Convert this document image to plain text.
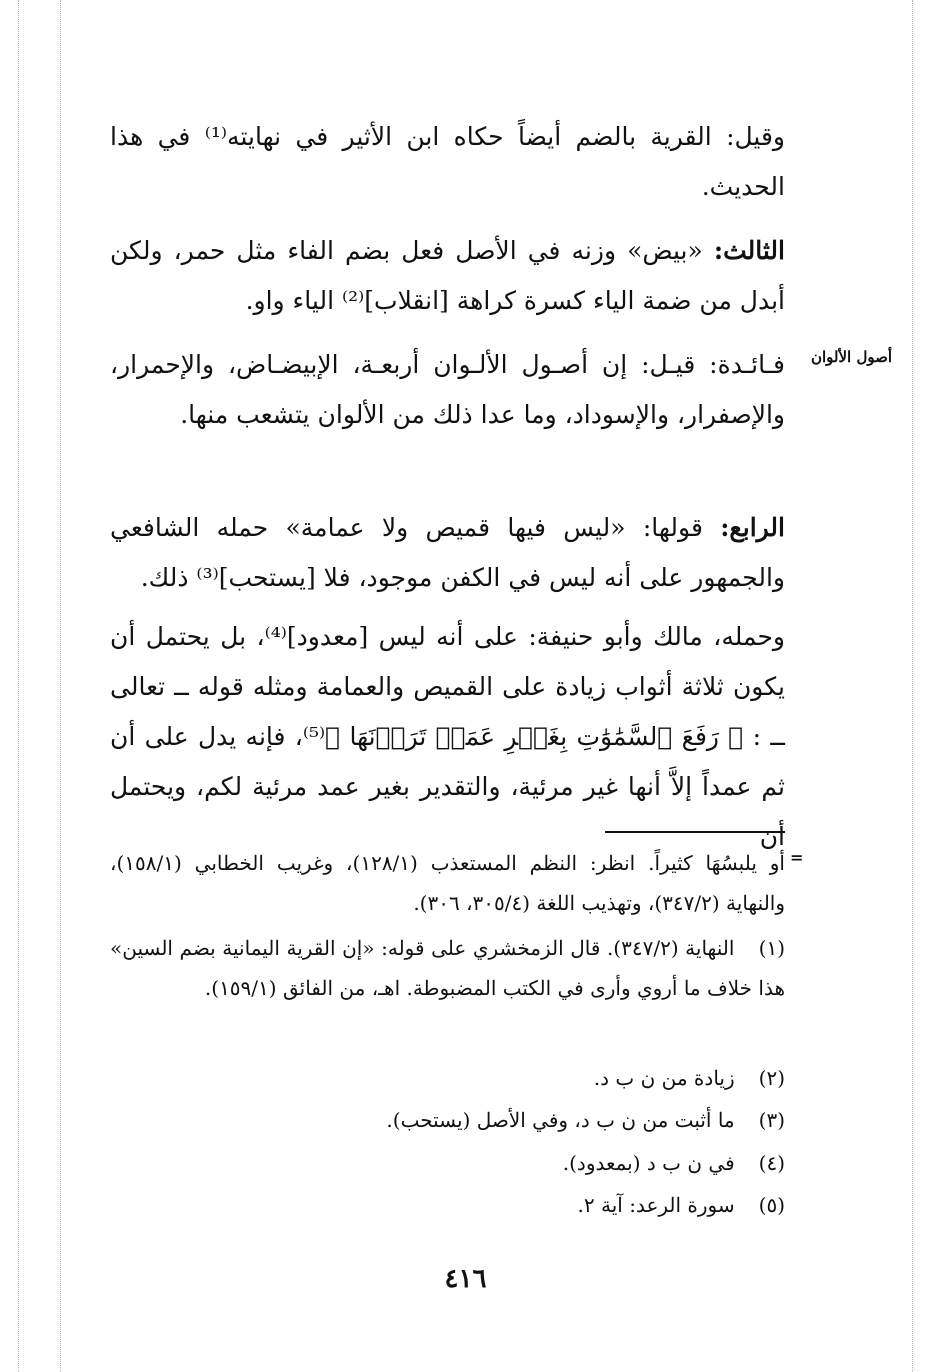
وقيل: القرية بالضم أيضاً حكاه ابن الأثير في نهايته⁽¹⁾ في هذا الحديث.

الثالث: «بيض» وزنه في الأصل فعل بضم الفاء مثل حمر، ولكن أبدل من ضمة الياء كسرة كراهة [انقلاب]⁽²⁾ الياء واو.

أصول الألوان

فـائـدة: قيـل: إن أصـول الألـوان أربعـة، الإبيضـاض، والإحمرار، والإصفرار، والإسوداد، وما عدا ذلك من الألوان يتشعب منها.

الرابع: قولها: «ليس فيها قميص ولا عمامة» حمله الشافعي والجمهور على أنه ليس في الكفن موجود، فلا [يستحب]⁽³⁾ ذلك.

وحمله، مالك وأبو حنيفة: على أنه ليس [معدود]⁽⁴⁾، بل يحتمل أن يكون ثلاثة أثواب زيادة على القميص والعمامة ومثله قوله ــ تعالى ــ : ﴿ رَفَعَ ٱلسَّمَٰوَٰتِ بِغَيۡرِ عَمَدٖ تَرَوۡنَهَا ﴾⁽⁵⁾، فإنه يدل على أن ثم عمداً إلاَّ أنها غير مرئية، والتقدير بغير عمد مرئية لكم، ويحتمل أن

=

أو يلبسُهَا كثيراً. انظر: النظم المستعذب (١٢٨/١)، وغريب الخطابي (١٥٨/١)، والنهاية (٣٤٧/٢)، وتهذيب اللغة (٣٠٥/٤، ٣٠٦).

(١) النهاية (٣٤٧/٢). قال الزمخشري على قوله: «إن القرية اليمانية بضم السين» هذا خلاف ما أروي وأرى في الكتب المضبوطة. اهـ، من الفائق (١٥٩/١).

(٢) زيادة من ن ب د.

(٣) ما أثبت من ن ب د، وفي الأصل (يستحب).

(٤) في ن ب د (بمعدود).

(٥) سورة الرعد: آية ٢.

٤١٦
